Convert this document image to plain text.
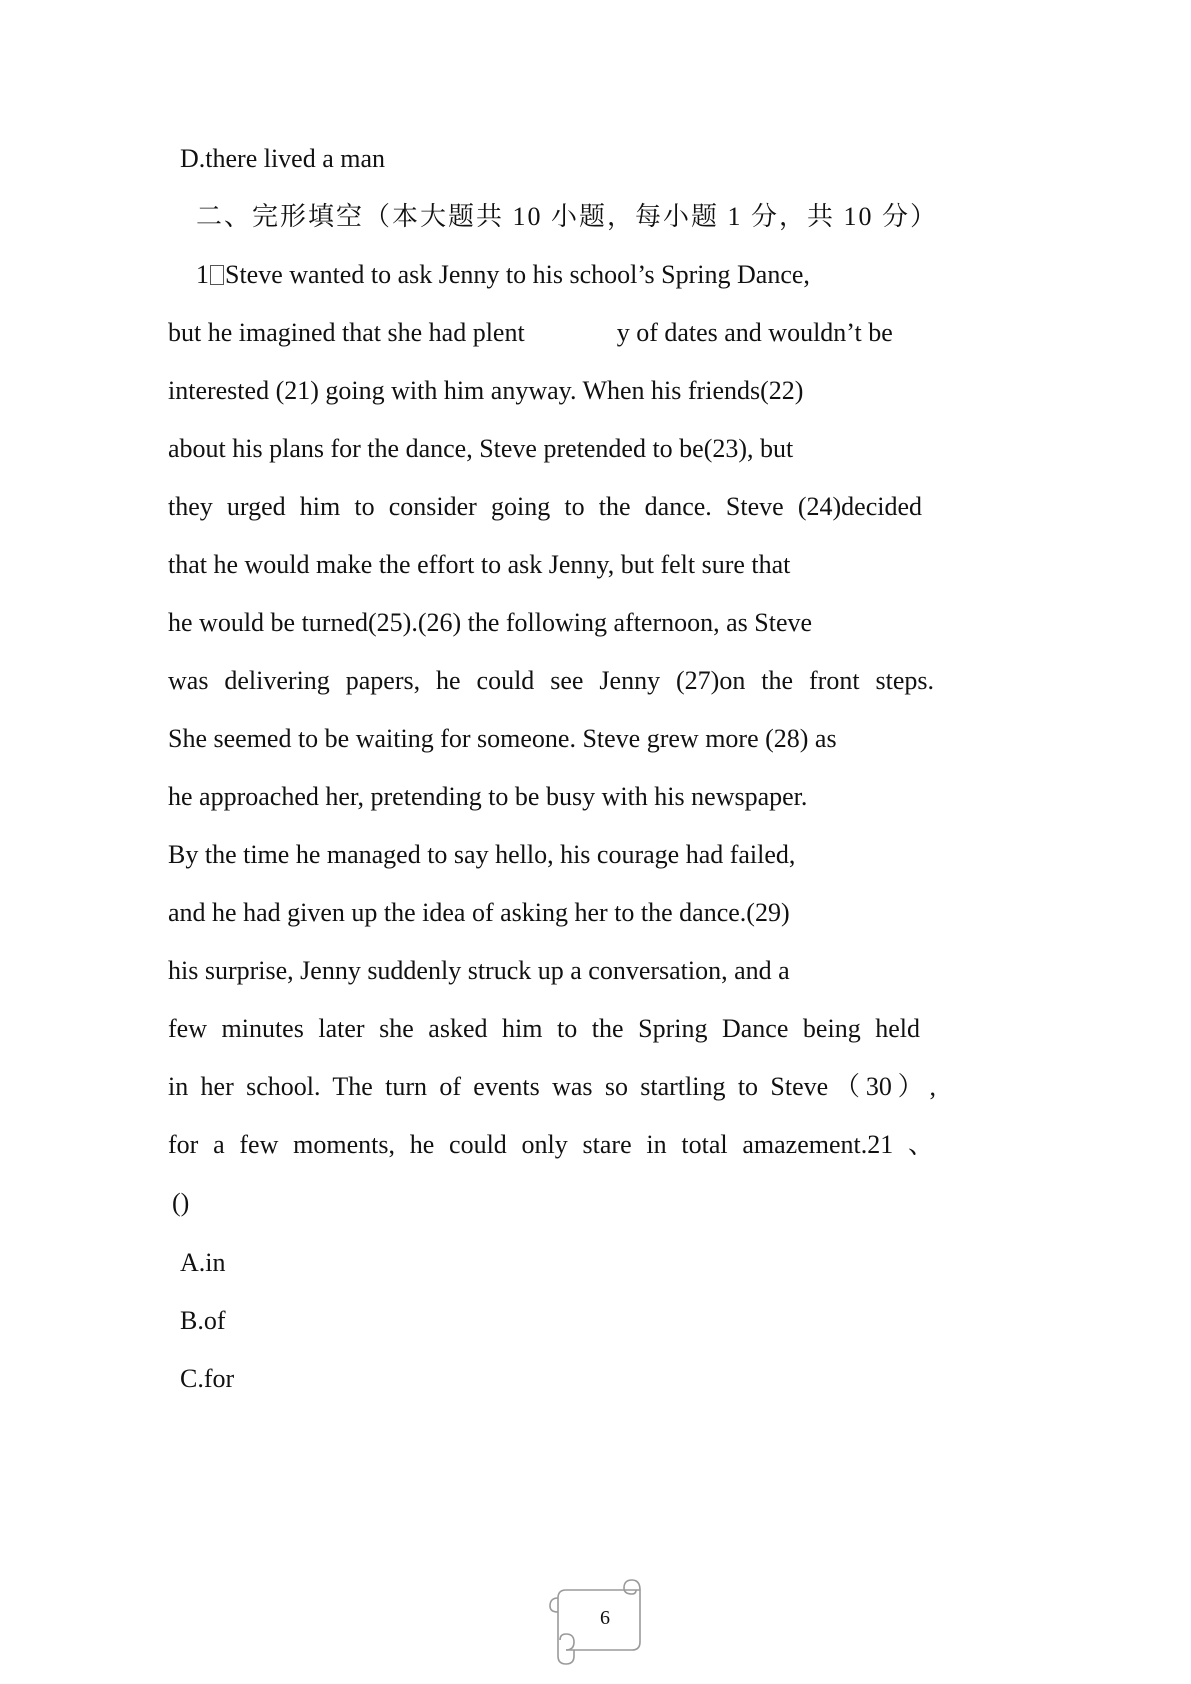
D.there lived a man

二、完形填空（本大题共 10 小题，每小题 1 分，共 10 分）

1 Steve wanted to ask Jenny to his school’s Spring Dance,

but he imagined that she had plent	y of dates and wouldn’t be

interested (21) going with him anyway. When his friends(22)

about his plans for the dance, Steve pretended to be(23), but

they urged him to consider going to the dance. Steve (24)decided

that he would make the effort to ask Jenny, but felt sure that

he would be turned(25).(26) the following afternoon, as Steve

was delivering papers, he could see Jenny (27)on the front steps.

She seemed to be waiting for someone. Steve grew more (28) as

he approached her, pretending to be busy with his newspaper.

By the time he managed to say hello, his courage had failed,

and he had given up the idea of asking her to the dance.(29)

his surprise, Jenny suddenly struck up a conversation, and a

few minutes later she asked him to the Spring Dance being held

in her school. The turn of events was so startling to Steve（30）,

for a few moments, he could only stare in total amazement.21 、

()

A.in

B.of

C.for

6
